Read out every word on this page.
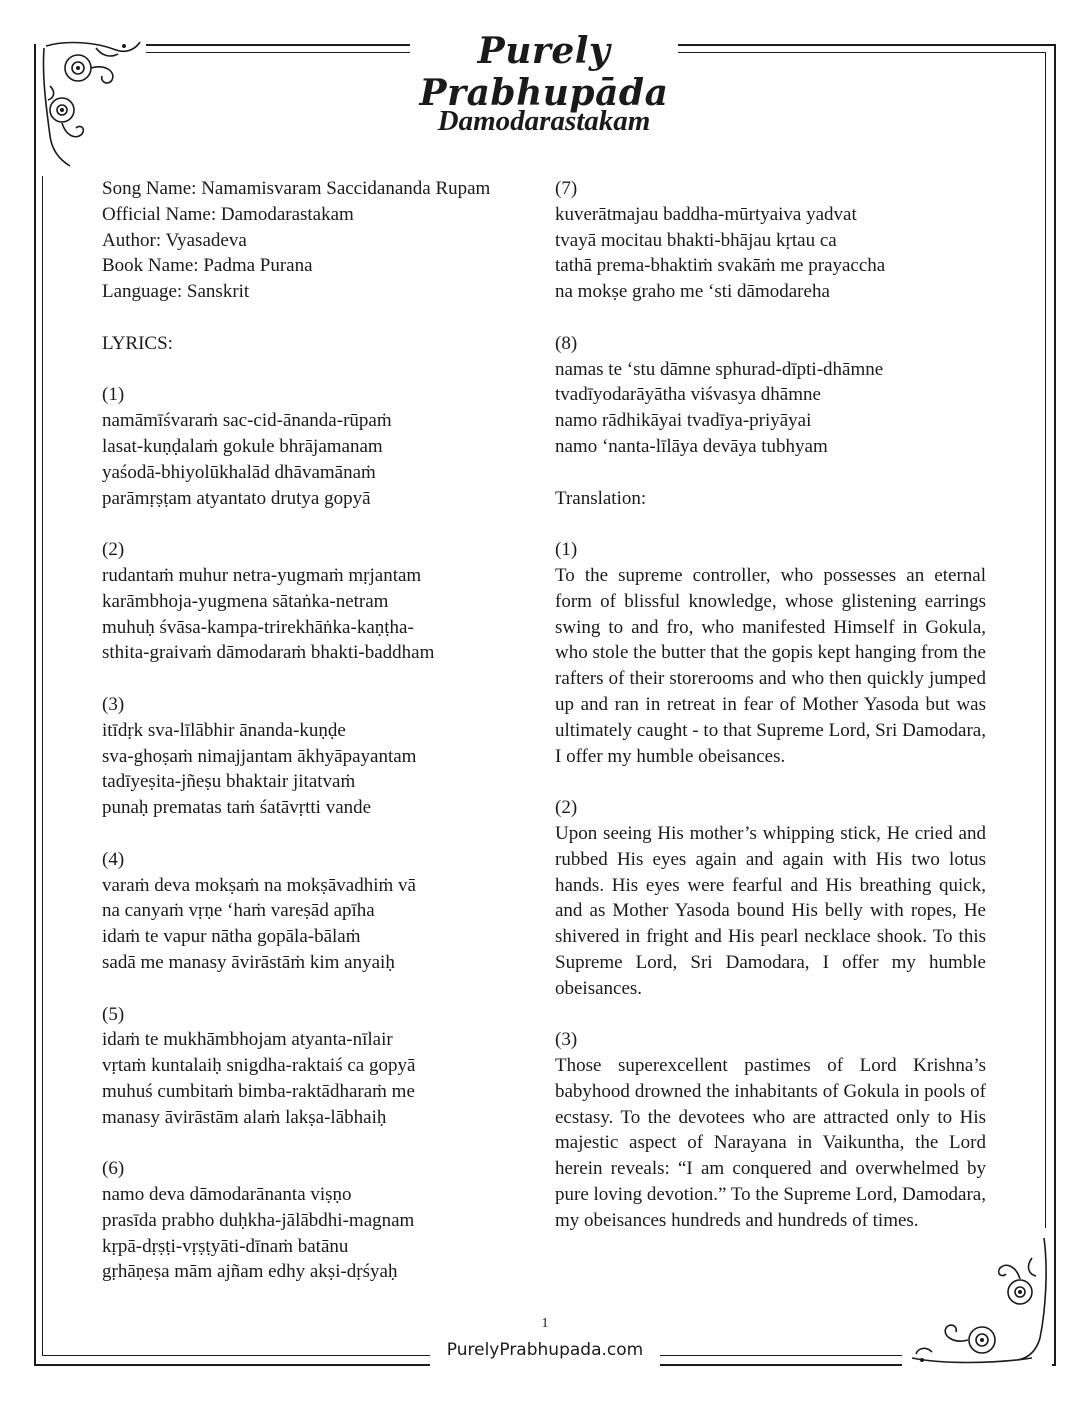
Purely Prabhupāda
Damodarastakam
Song Name: Namamisvaram Saccidananda Rupam
Official Name: Damodarastakam
Author: Vyasadeva
Book Name: Padma Purana
Language: Sanskrit
LYRICS:
(1)
namāmīśvaraṁ sac-cid-ānanda-rūpaṁ
lasat-kuṇḍalaṁ gokule bhrājamanam
yaśodā-bhiyolūkhalād dhāvamānaṁ
parāmṛṣṭam atyantato drutya gopyā
(2)
rudantaṁ muhur netra-yugmaṁ mṛjantam
karāmbhoja-yugmena sātaṅka-netram
muhuḥ śvāsa-kampa-trirekhāṅka-kaṇṭha-
sthita-graivaṁ dāmodaraṁ bhakti-baddham
(3)
itīdṛk sva-līlābhir ānanda-kuṇḍe
sva-ghoṣaṁ nimajjantam ākhyāpayantam
tadīyeṣita-jñeṣu bhaktair jitatvaṁ
punaḥ prematas taṁ śatāvṛtti vande
(4)
varaṁ deva mokṣaṁ na mokṣāvadhiṁ vā
na canyaṁ vṛṇe ‘haṁ vareṣād apīha
idaṁ te vapur nātha gopāla-bālaṁ
sadā me manasy āvirāstāṁ kim anyaiḥ
(5)
idaṁ te mukhāmbhojam atyanta-nīlair
vṛtaṁ kuntalaiḥ snigdha-raktaiś ca gopyā
muhuś cumbitaṁ bimba-raktādharaṁ me
manasy āvirāstām alaṁ lakṣa-lābhaiḥ
(6)
namo deva dāmodarānanta viṣṇo
prasīda prabho duḥkha-jālābdhi-magnam
kṛpā-dṛṣṭi-vṛṣṭyāti-dīnaṁ batānu
gṛhāṇeṣa mām ajñam edhy akṣi-dṛśyaḥ
(7)
kuverātmajau baddha-mūrtyaiva yadvat
tvayā mocitau bhakti-bhājau kṛtau ca
tathā prema-bhaktiṁ svakāṁ me prayaccha
na mokṣe graho me ‘sti dāmodareha
(8)
namas te ‘stu dāmne sphurad-dīpti-dhāmne
tvadīyodarāyātha viśvasya dhāmne
namo rādhikāyai tvadīya-priyāyai
namo ‘nanta-līlāya devāya tubhyam
Translation:
(1)
To the supreme controller, who possesses an eternal form of blissful knowledge, whose glistening earrings swing to and fro, who manifested Himself in Gokula, who stole the butter that the gopis kept hanging from the rafters of their storerooms and who then quickly jumped up and ran in retreat in fear of Mother Yasoda but was ultimately caught - to that Supreme Lord, Sri Damodara, I offer my humble obeisances.
(2)
Upon seeing His mother’s whipping stick, He cried and rubbed His eyes again and again with His two lotus hands. His eyes were fearful and His breathing quick, and as Mother Yasoda bound His belly with ropes, He shivered in fright and His pearl necklace shook. To this Supreme Lord, Sri Damodara, I offer my humble obeisances.
(3)
Those superexcellent pastimes of Lord Krishna’s babyhood drowned the inhabitants of Gokula in pools of ecstasy. To the devotees who are attracted only to His majestic aspect of Narayana in Vaikuntha, the Lord herein reveals: “I am conquered and overwhelmed by pure loving devotion.” To the Supreme Lord, Damodara, my obeisances hundreds and hundreds of times.
1
PurelyPrabhupada.com
